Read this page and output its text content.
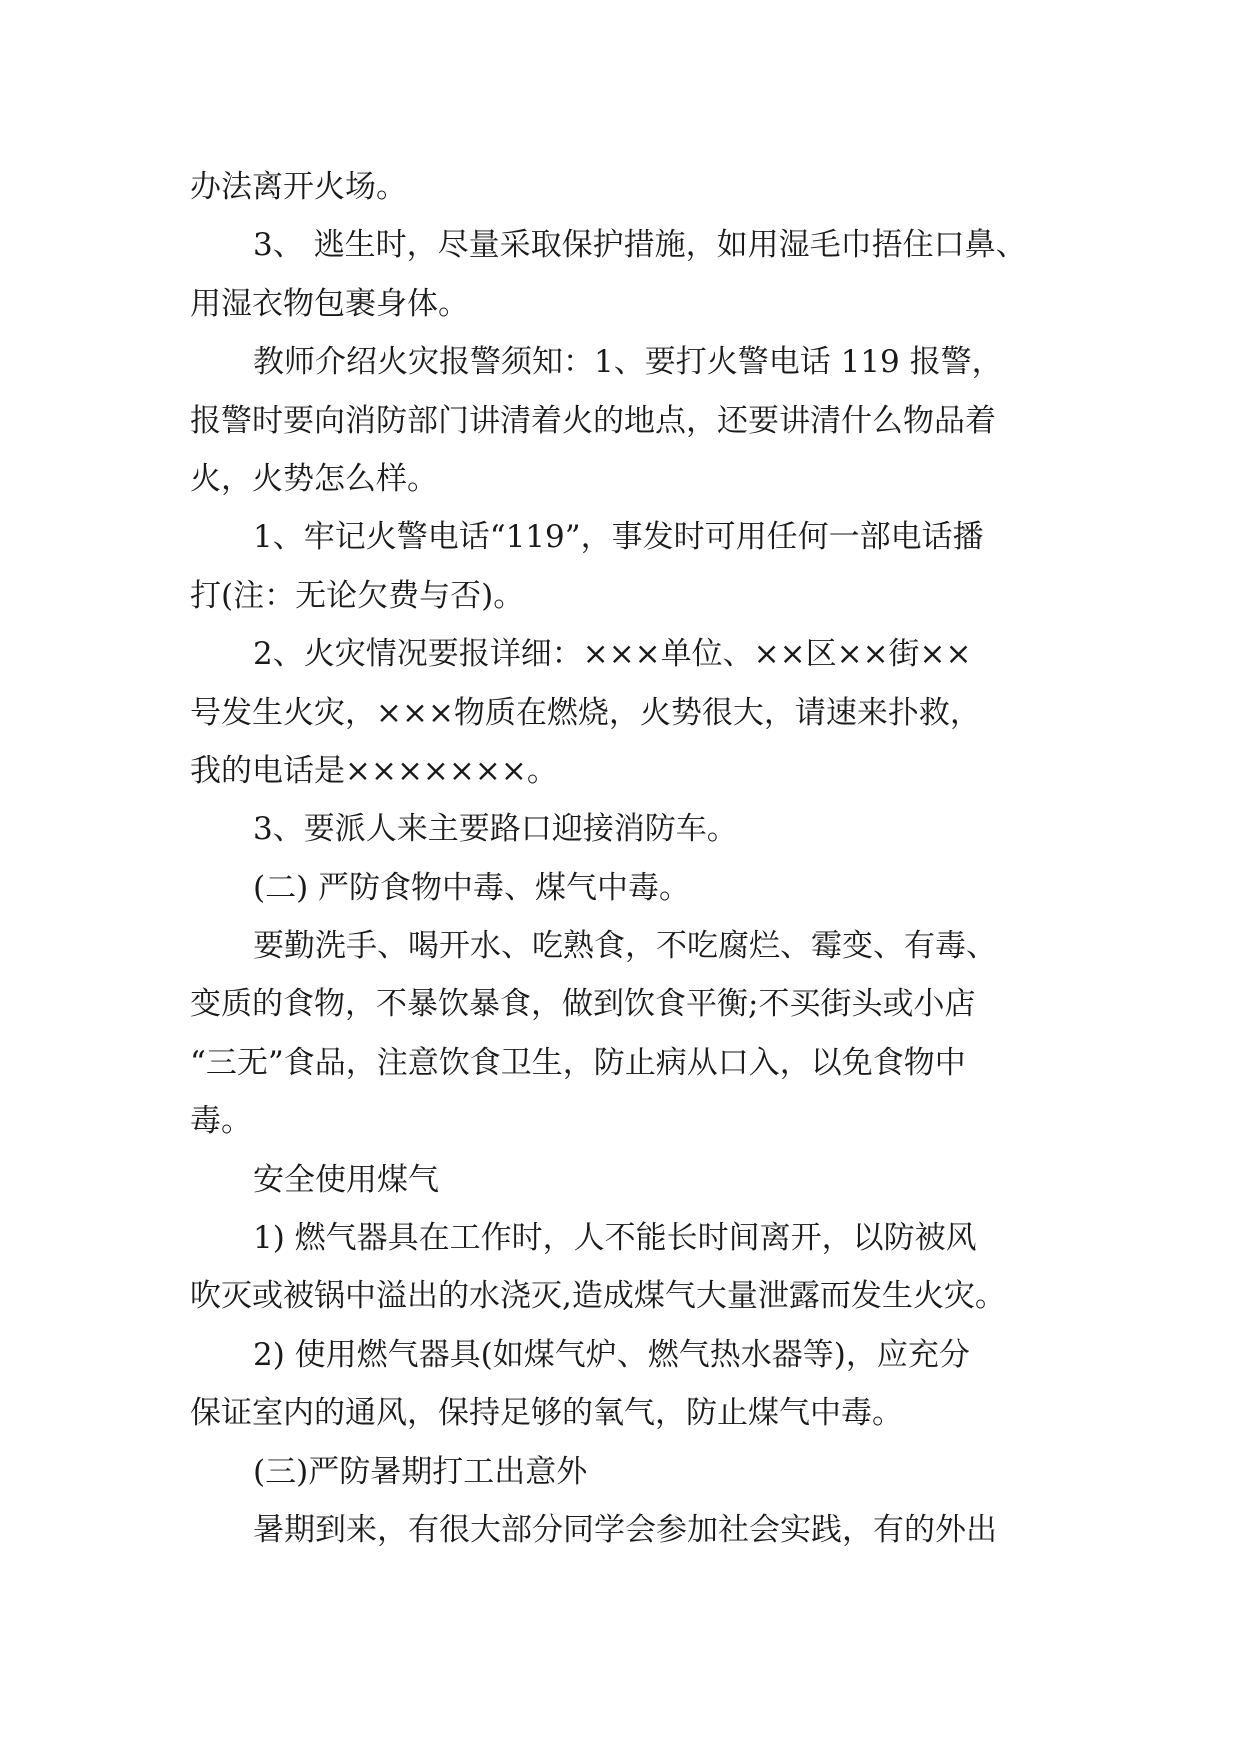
办法离开火场。
3、 逃生时，尽量采取保护措施，如用湿毛巾捂住口鼻、
用湿衣物包裹身体。
教师介绍火灾报警须知：1、要打火警电话 119 报警，
报警时要向消防部门讲清着火的地点，还要讲清什么物品着
火，火势怎么样。
1、牢记火警电话“119”，事发时可用任何一部电话播
打(注：无论欠费与否)。
2、火灾情况要报详细：×××单位、××区××街××
号发生火灾，×××物质在燃烧，火势很大，请速来扑救，
我的电话是×××××××。
3、要派人来主要路口迎接消防车。
(二) 严防食物中毒、煤气中毒。
要勤洗手、喝开水、吃熟食，不吃腐烂、霉变、有毒、
变质的食物，不暴饮暴食，做到饮食平衡;不买街头或小店
“三无”食品，注意饮食卫生，防止病从口入，以免食物中
毒。
安全使用煤气
1) 燃气器具在工作时，人不能长时间离开，以防被风
吹灭或被锅中溢出的水浇灭,造成煤气大量泄露而发生火灾。
2) 使用燃气器具(如煤气炉、燃气热水器等)，应充分
保证室内的通风，保持足够的氧气，防止煤气中毒。
(三)严防暑期打工出意外
暑期到来，有很大部分同学会参加社会实践，有的外出
